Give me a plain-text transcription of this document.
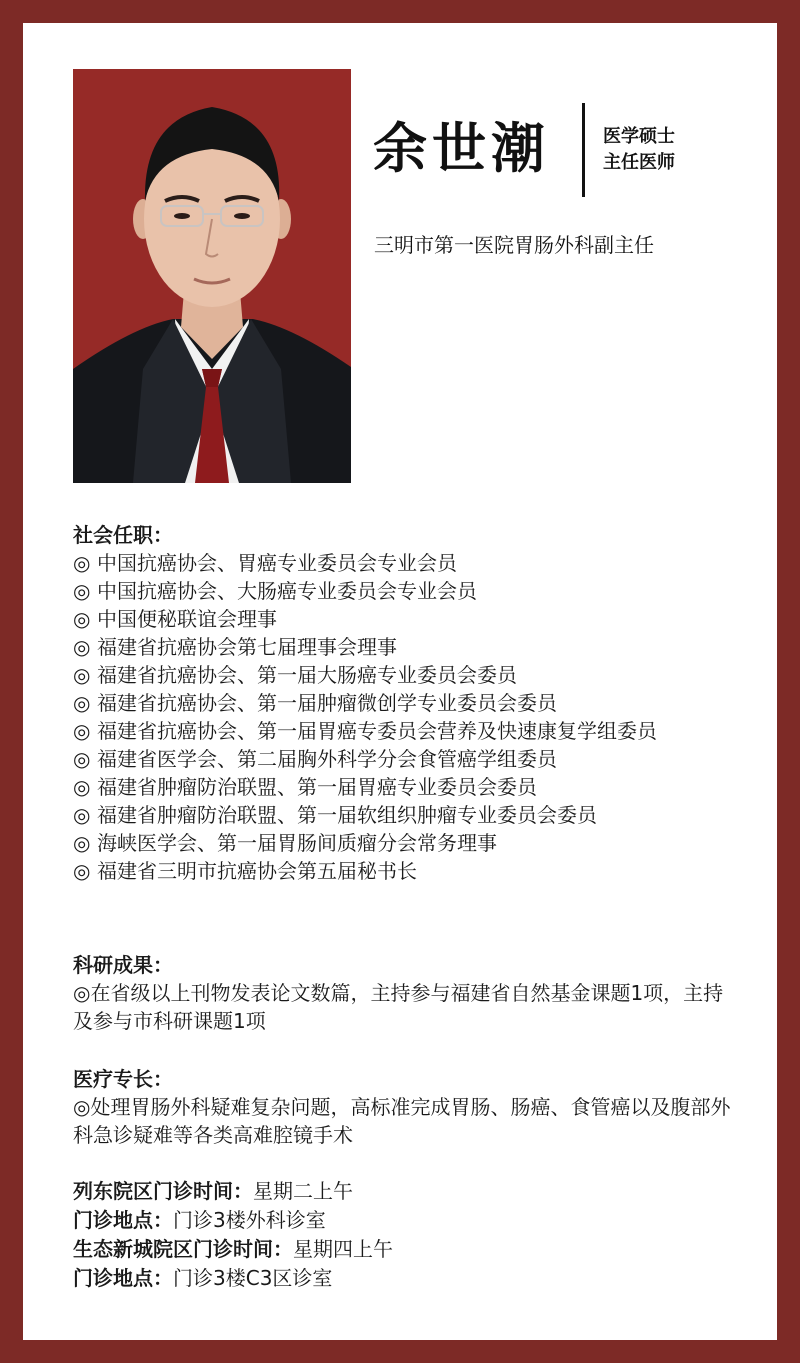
余世潮	医学硕士
主任医师
三明市第一医院胃肠外科副主任
社会任职：
◎ 中国抗癌协会、胃癌专业委员会专业会员
◎ 中国抗癌协会、大肠癌专业委员会专业会员
◎ 中国便秘联谊会理事
◎ 福建省抗癌协会第七届理事会理事
◎ 福建省抗癌协会、第一届大肠癌专业委员会委员
◎ 福建省抗癌协会、第一届肿瘤微创学专业委员会委员
◎ 福建省抗癌协会、第一届胃癌专委员会营养及快速康复学组委员
◎ 福建省医学会、第二届胸外科学分会食管癌学组委员
◎ 福建省肿瘤防治联盟、第一届胃癌专业委员会委员
◎ 福建省肿瘤防治联盟、第一届软组织肿瘤专业委员会委员
◎ 海峡医学会、第一届胃肠间质瘤分会常务理事
◎ 福建省三明市抗癌协会第五届秘书长
科研成果：

◎在省级以上刊物发表论文数篇，主持参与福建省自然基金课题1项，主持及参与市科研课题1项

医疗专长：

◎处理胃肠外科疑难复杂问题，高标准完成胃肠、肠癌、食管癌以及腹部外科急诊疑难等各类高难腔镜手术

列东院区门诊时间：星期二上午
门诊地点：门诊3楼外科诊室
生态新城院区门诊时间：星期四上午
门诊地点：门诊3楼C3区诊室
